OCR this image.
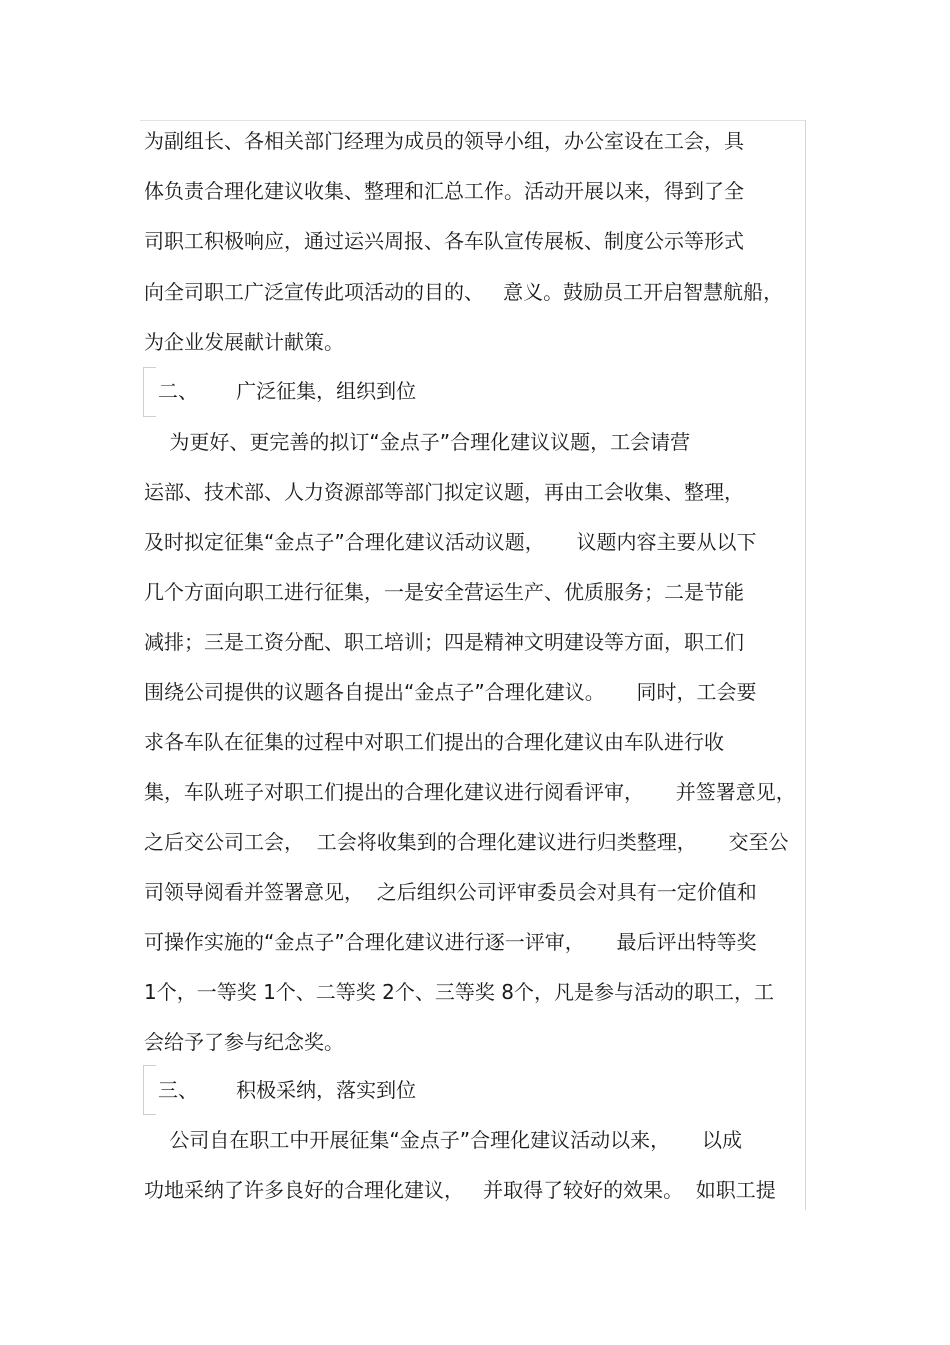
为副组长、各相关部门经理为成员的领导小组，办公室设在工会，具
体负责合理化建议收集、整理和汇总工作。活动开展以来，得到了全
司职工积极响应，通过运兴周报、各车队宣传展板、制度公示等形式
向全司职工广泛宣传此项活动的目的、   意义。鼓励员工开启智慧航船，
为企业发展献计献策。
二、 广泛征集，组织到位
为更好、更完善的拟订“金点子”合理化建议议题，工会请营
运部、技术部、人力资源部等部门拟定议题，再由工会收集、整理，
及时拟定征集“金点子”合理化建议活动议题，     议题内容主要从以下
几个方面向职工进行征集，一是安全营运生产、优质服务；二是节能
减排；三是工资分配、职工培训；四是精神文明建设等方面，职工们
围绕公司提供的议题各自提出“金点子”合理化建议。     同时，工会要
求各车队在征集的过程中对职工们提出的合理化建议由车队进行收
集，车队班子对职工们提出的合理化建议进行阅看评审，     并签署意见，
之后交公司工会，  工会将收集到的合理化建议进行归类整理，     交至公
司领导阅看并签署意见，  之后组织公司评审委员会对具有一定价值和
可操作实施的“金点子”合理化建议进行逐一评审，     最后评出特等奖
1个，一等奖 1个、二等奖 2个、三等奖 8个，凡是参与活动的职工，工
会给予了参与纪念奖。
三、 积极采纳，落实到位
公司自在职工中开展征集“金点子”合理化建议活动以来，     以成
功地采纳了许多良好的合理化建议，   并取得了较好的效果。  如职工提
